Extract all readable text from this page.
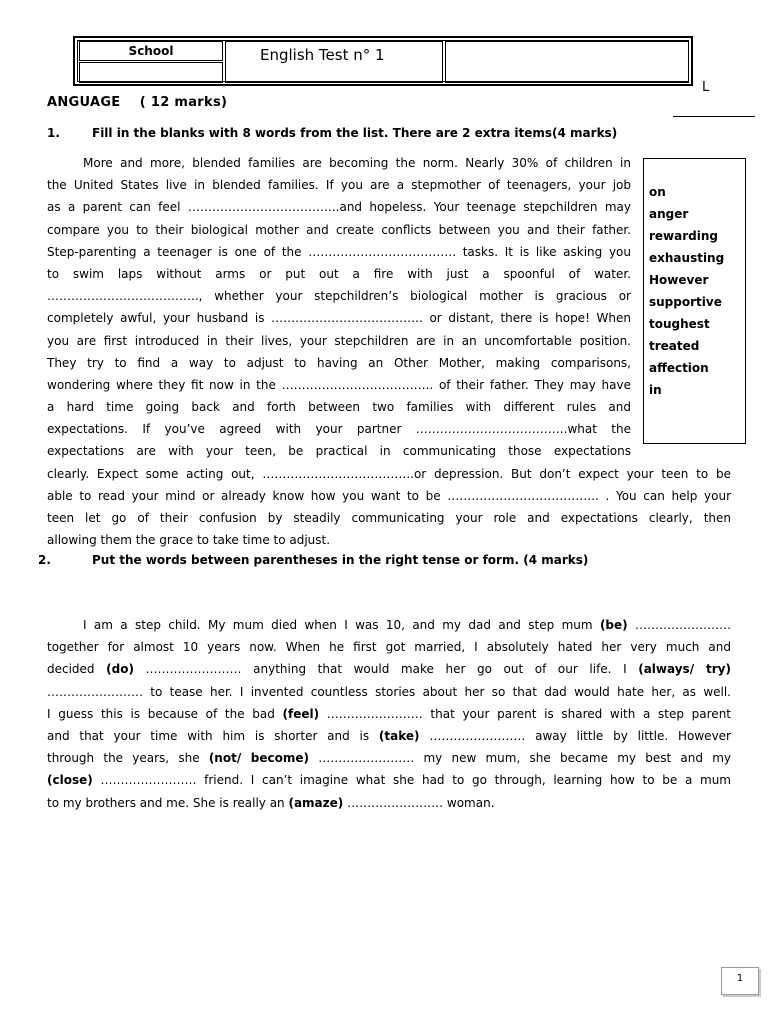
School	English Test n° 1
L
ANGUAGE    ( 12 marks)
1.	Fill in the blanks with 8 words from the list. There are 2 extra items(4 marks)
More and more, blended families are becoming the norm. Nearly 30% of children in
the United States live in blended families. If you are a stepmother of teenagers, your job
as a parent can feel ………………………………..and hopeless. Your teenage stepchildren may
compare you to their biological mother and create conflicts between you and their father.
Step-parenting a teenager is one of the ………………………………. tasks. It is like asking you
to swim laps without arms or put out a fire with just a spoonful of water.
……………………………….., whether your stepchildren’s biological mother is gracious or
completely awful, your husband is ……………………………….. or distant, there is hope! When
you are first introduced in their lives, your stepchildren are in an uncomfortable position.
They try to find a way to adjust to having an Other Mother, making comparisons,
wondering where they fit now in the ……………………………….. of their father. They may have
a hard time going back and forth between two families with different rules and
expectations. If you’ve agreed with your partner ………………………………..what the
expectations are with your teen, be practical in communicating those expectations
clearly. Expect some acting out, ………………………………..or depression. But don’t expect your teen to be
able to read your mind or already know how you want to be ……………………………….. . You can help your
teen let go of their confusion by steadily communicating your role and expectations clearly, then
allowing them the grace to take time to adjust.
on
anger
rewarding
exhausting
However
supportive
toughest
treated
affection
in
2.	Put the words between parentheses in the right tense or form. (4 marks)
I am a step child. My mum died when I was 10, and my dad and step mum (be) ……………………
together for almost 10 years now. When he first got married, I absolutely hated her very much and
decided (do) …………………… anything that would make her go out of our life. I (always/ try)
…………………… to tease her. I invented countless stories about her so that dad would hate her, as well.
I guess this is because of the bad (feel) …………………… that your parent is shared with a step parent
and that your time with him is shorter and is (take) …………………… away little by little. However
through the years, she (not/ become) …………………… my new mum, she became my best and my
(close) …………………… friend. I can’t imagine what she had to go through, learning how to be a mum
to my brothers and me. She is really an (amaze) …………………… woman.
1
